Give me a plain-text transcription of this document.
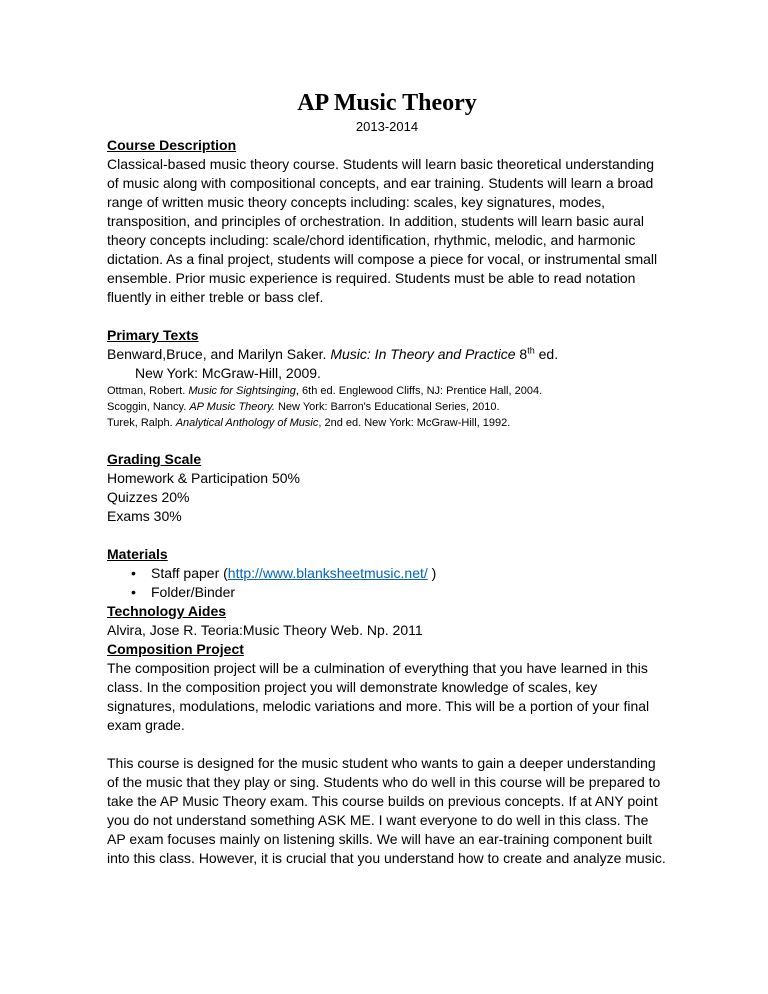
AP Music Theory

2013-2014

Course Description

Classical-based music theory course. Students will learn basic theoretical understanding of music along with compositional concepts, and ear training. Students will learn a broad range of written music theory concepts including: scales, key signatures, modes, transposition, and principles of orchestration. In addition, students will learn basic aural theory concepts including: scale/chord identification, rhythmic, melodic, and harmonic dictation. As a final project, students will compose a piece for vocal, or instrumental small ensemble. Prior music experience is required. Students must be able to read notation fluently in either treble or bass clef.

Primary Texts

Benward,Bruce, and Marilyn Saker. Music: In Theory and Practice 8th ed.

New York: McGraw-Hill, 2009.

Ottman, Robert. Music for Sightsinging, 6th ed. Englewood Cliffs, NJ: Prentice Hall, 2004.

Scoggin, Nancy. AP Music Theory. New York: Barron's Educational Series, 2010.

Turek, Ralph. Analytical Anthology of Music, 2nd ed. New York: McGraw-Hill, 1992.

Grading Scale

Homework & Participation 50%

Quizzes 20%

Exams 30%

Materials

• Staff paper (http://www.blanksheetmusic.net/ )
• Folder/Binder

Technology Aides

Alvira, Jose R. Teoria:Music Theory Web. Np. 2011

Composition Project

The composition project will be a culmination of everything that you have learned in this class. In the composition project you will demonstrate knowledge of scales, key signatures, modulations, melodic variations and more. This will be a portion of your final exam grade.

This course is designed for the music student who wants to gain a deeper understanding of the music that they play or sing. Students who do well in this course will be prepared to take the AP Music Theory exam. This course builds on previous concepts. If at ANY point you do not understand something ASK ME. I want everyone to do well in this class. The AP exam focuses mainly on listening skills. We will have an ear-training component built into this class. However, it is crucial that you understand how to create and analyze music.
